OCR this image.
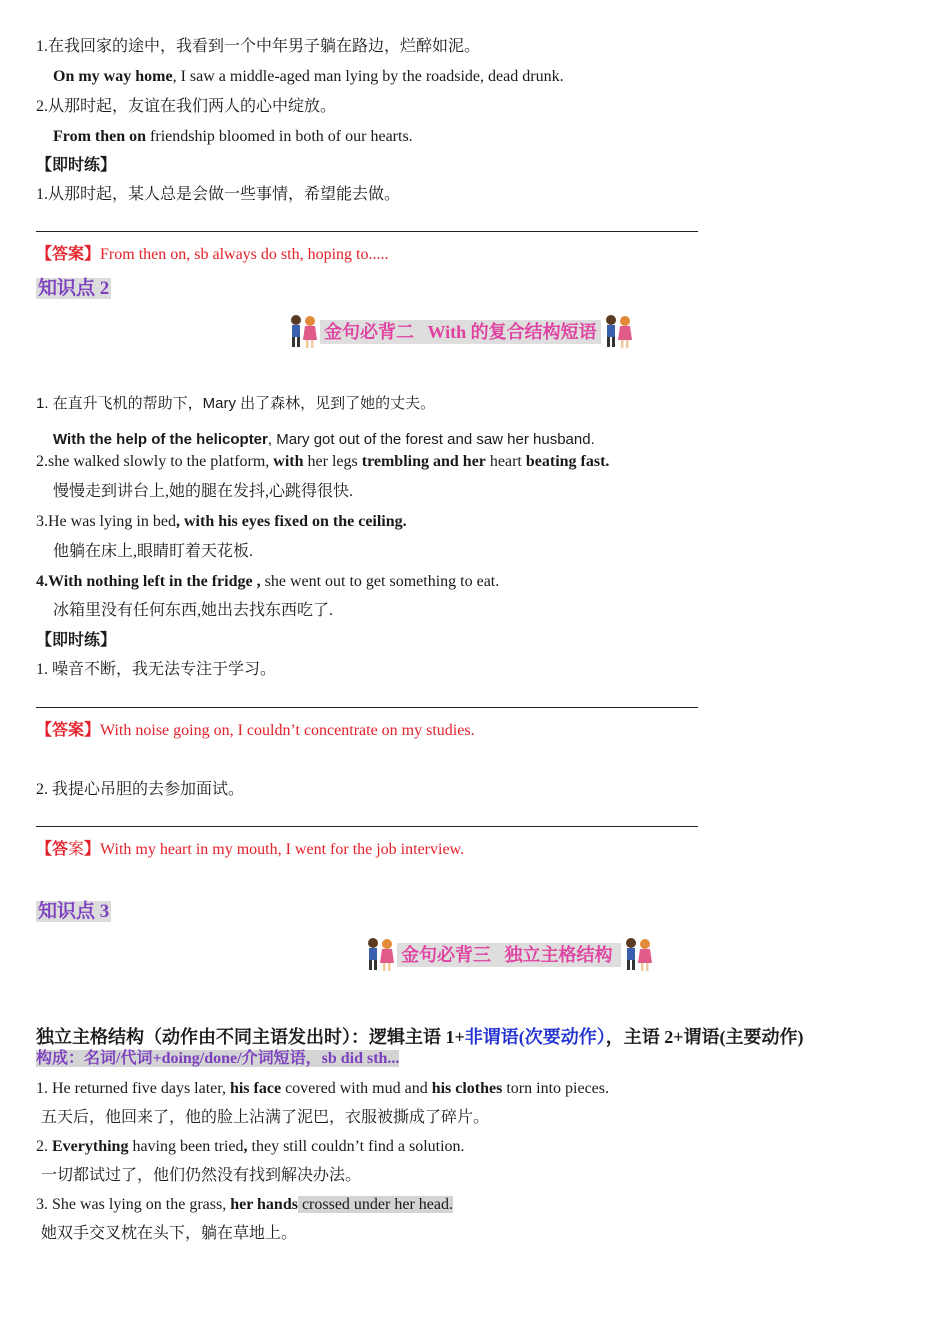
1.在我回家的途中，我看到一个中年男子躺在路边，烂醉如泥。
On my way home, I saw a middle-aged man lying by the roadside, dead drunk.
2.从那时起，友谊在我们两人的心中绽放。
From then on friendship bloomed in both of our hearts.
【即时练】
1.从那时起，某人总是会做一些事情，希望能去做。
【答案】From then on, sb always do sth, hoping to.....
知识点 2
金句必背二   With 的复合结构短语
1. 在直升飞机的帮助下，Mary 出了森林，见到了她的丈夫。
With the help of the helicopter, Mary got out of the forest and saw her husband.
2.she walked slowly to the platform, with her legs trembling and her heart beating fast.
慢慢走到讲台上,她的腿在发抖,心跳得很快.
3.He was lying in bed, with his eyes fixed on the ceiling.
他躺在床上,眼睛盯着天花板.
4.With nothing left in the fridge , she went out to get something to eat.
冰箱里没有任何东西,她出去找东西吃了.
【即时练】
1. 噪音不断，我无法专注于学习。
【答案】With noise going on, I couldn’t concentrate on my studies.
2. 我提心吊胆的去参加面试。
【答案】With my heart in my mouth, I went for the job interview.
知识点 3
金句必背三   独立主格结构
独立主格结构（动作由不同主语发出时）：逻辑主语 1+非谓语(次要动作），主语 2+谓语(主要动作)
构成：名词/代词+doing/done/介词短语，sb did sth...
1. He returned five days later, his face covered with mud and his clothes torn into pieces.
五天后，他回来了，他的脸上沾满了泥巴，衣服被撕成了碎片。
2. Everything having been tried, they still couldn’t find a solution.
一切都试过了，他们仍然没有找到解决办法。
3. She was lying on the grass, her hands crossed under her head.
她双手交叉枕在头下，躺在草地上。
